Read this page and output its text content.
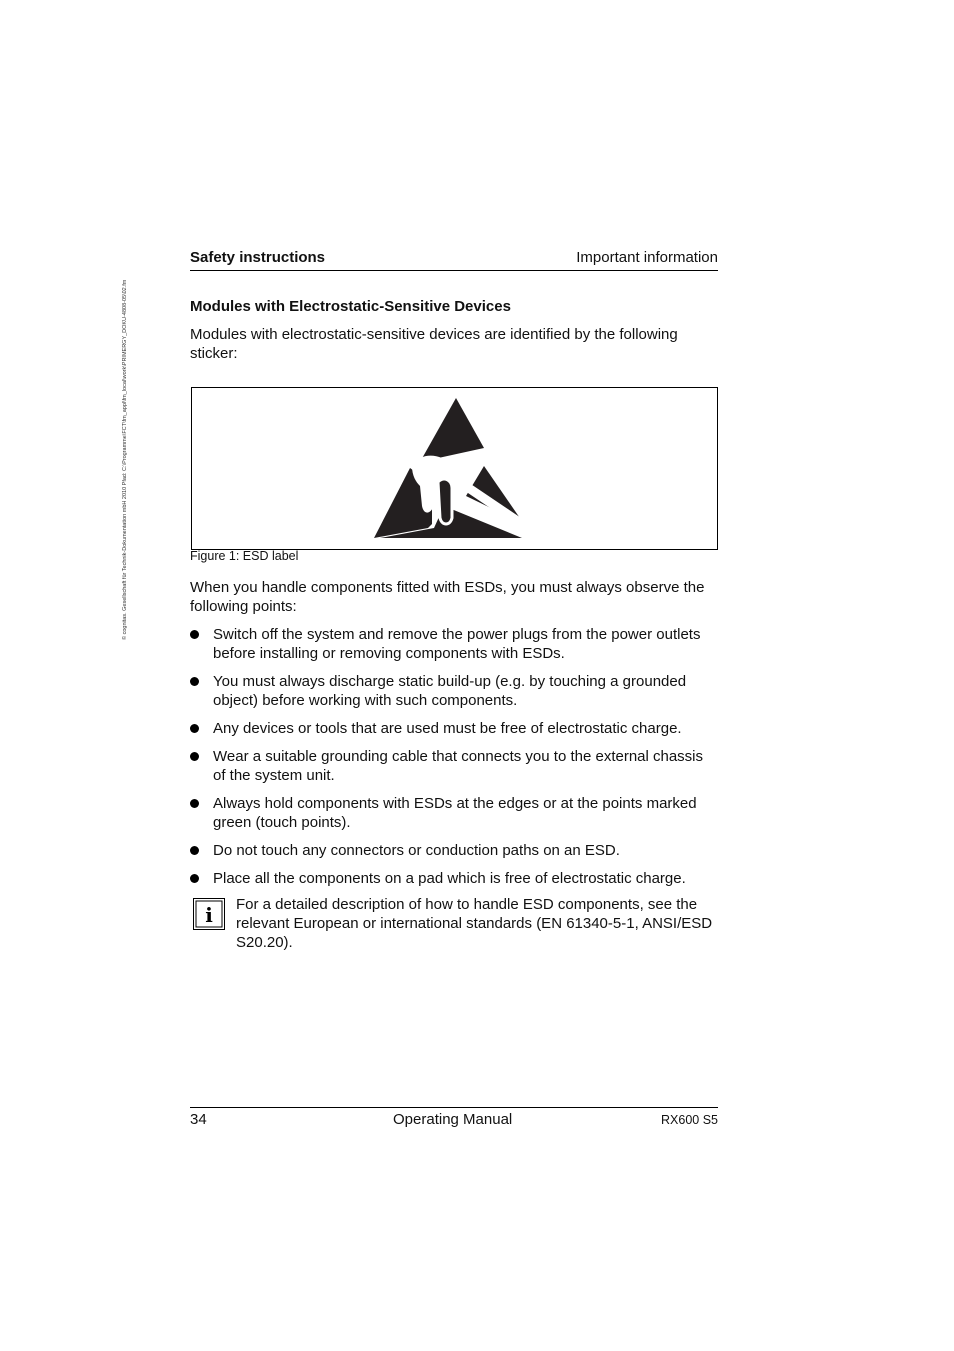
© cognitas. Gesellschaft für Technik-Dokumentation mbH 2010 Pfad: C:\Programme\FCT\fm_appl\fm_local\work\PRIMERGY_DOKU-4808-05\02.fm
Safety instructions	Important information
Modules with Electrostatic-Sensitive Devices
Modules with electrostatic-sensitive devices are identified by the following sticker:
Figure 1: ESD label
When you handle components fitted with ESDs, you must always observe the following points:
Switch off the system and remove the power plugs from the power outlets before installing or removing components with ESDs.
You must always discharge static build-up (e.g. by touching a grounded object) before working with such components.
Any devices or tools that are used must be free of electrostatic charge.
Wear a suitable grounding cable that connects you to the external chassis of the system unit.
Always hold components with ESDs at the edges or at the points marked green (touch points).
Do not touch any connectors or conduction paths on an ESD.
Place all the components on a pad which is free of electrostatic charge.
i For a detailed description of how to handle ESD components, see the relevant European or international standards (EN 61340-5-1, ANSI/ESD S20.20).
34	Operating Manual	RX600 S5
